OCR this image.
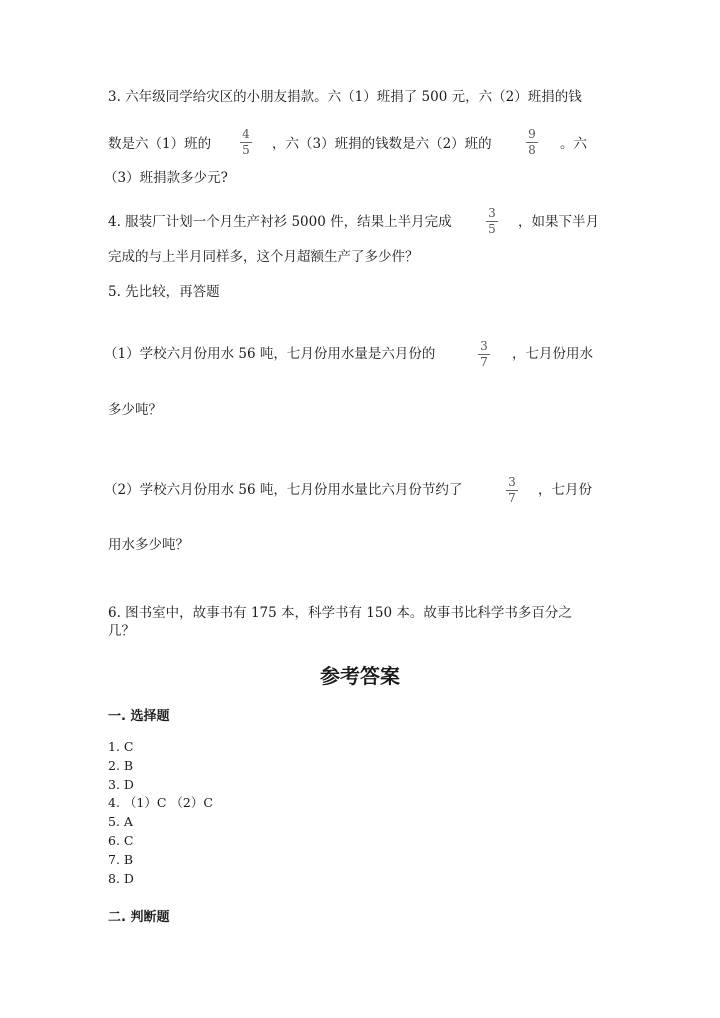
3. 六年级同学给灾区的小朋友捐款。六（1）班捐了 500 元，六（2）班捐的钱
数是六（1）班的
4
5 ，六（3）班捐的钱数是六（2）班的
9
8 。六
（3）班捐款多少元?
4. 服装厂计划一个月生产衬衫 5000 件，结果上半月完成
3
5 ，如果下半月
完成的与上半月同样多，这个月超额生产了多少件？
5. 先比较，再答题
（1）学校六月份用水 56 吨，七月份用水量是六月份的	3
7 ，七月份用水
多少吨？
（2）学校六月份用水 56 吨，七月份用水量比六月份节约了	3
7 ，七月份
用水多少吨？
6. 图书室中，故事书有 175 本，科学书有 150 本。故事书比科学书多百分之
几？
参考答案
一. 选择题
1. C
2. B
3. D
4. （1）C （2）C
5. A
6. C
7. B
8. D
二. 判断题
